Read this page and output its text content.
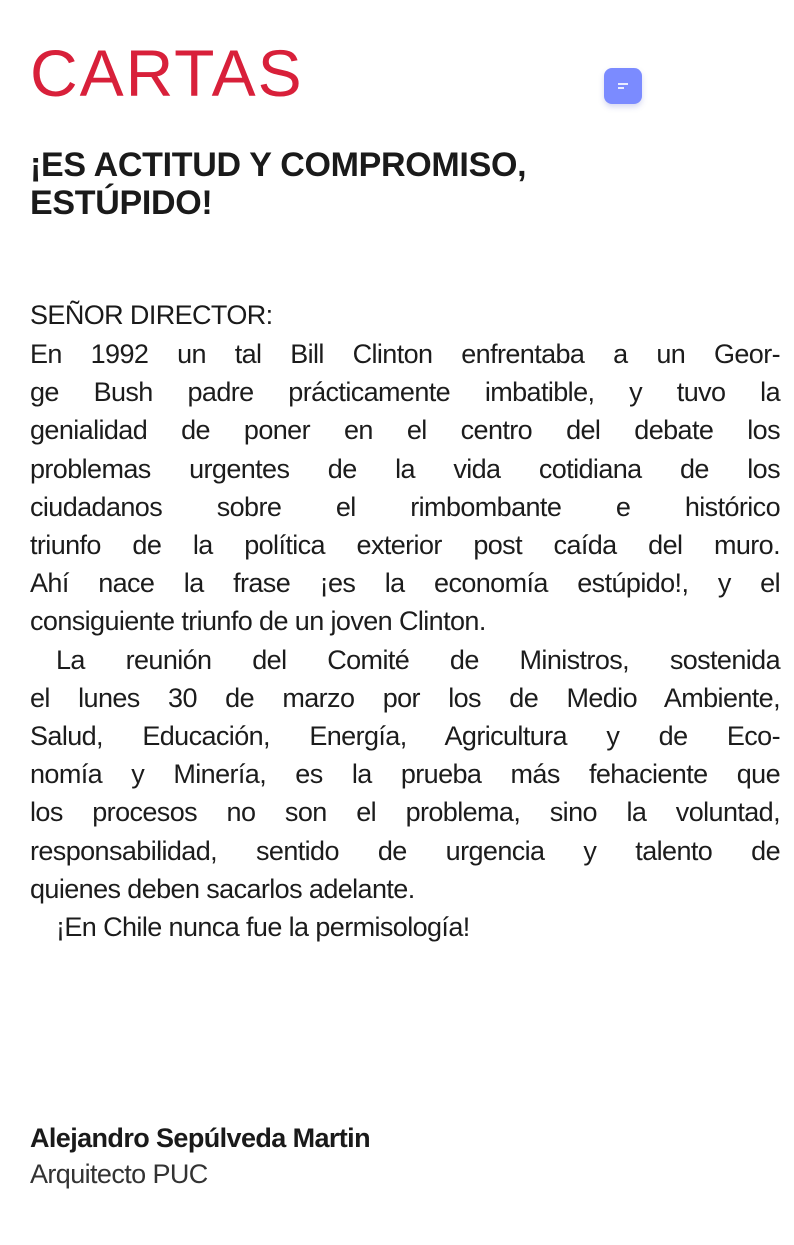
CARTAS
¡ES ACTITUD Y COMPROMISO,
ESTÚPIDO!
SEÑOR DIRECTOR:
En 1992 un tal Bill Clinton enfrentaba a un Geor-
ge Bush padre prácticamente imbatible, y tuvo la
genialidad de poner en el centro del debate los
problemas urgentes de la vida cotidiana de los
ciudadanos sobre el rimbombante e histórico
triunfo de la política exterior post caída del muro.
Ahí nace la frase ¡es la economía estúpido!, y el
consiguiente triunfo de un joven Clinton.
La reunión del Comité de Ministros, sostenida
el lunes 30 de marzo por los de Medio Ambiente,
Salud, Educación, Energía, Agricultura y de Eco-
nomía y Minería, es la prueba más fehaciente que
los procesos no son el problema, sino la voluntad,
responsabilidad, sentido de urgencia y talento de
quienes deben sacarlos adelante.
¡En Chile nunca fue la permisología!
Alejandro Sepúlveda Martin
Arquitecto PUC
